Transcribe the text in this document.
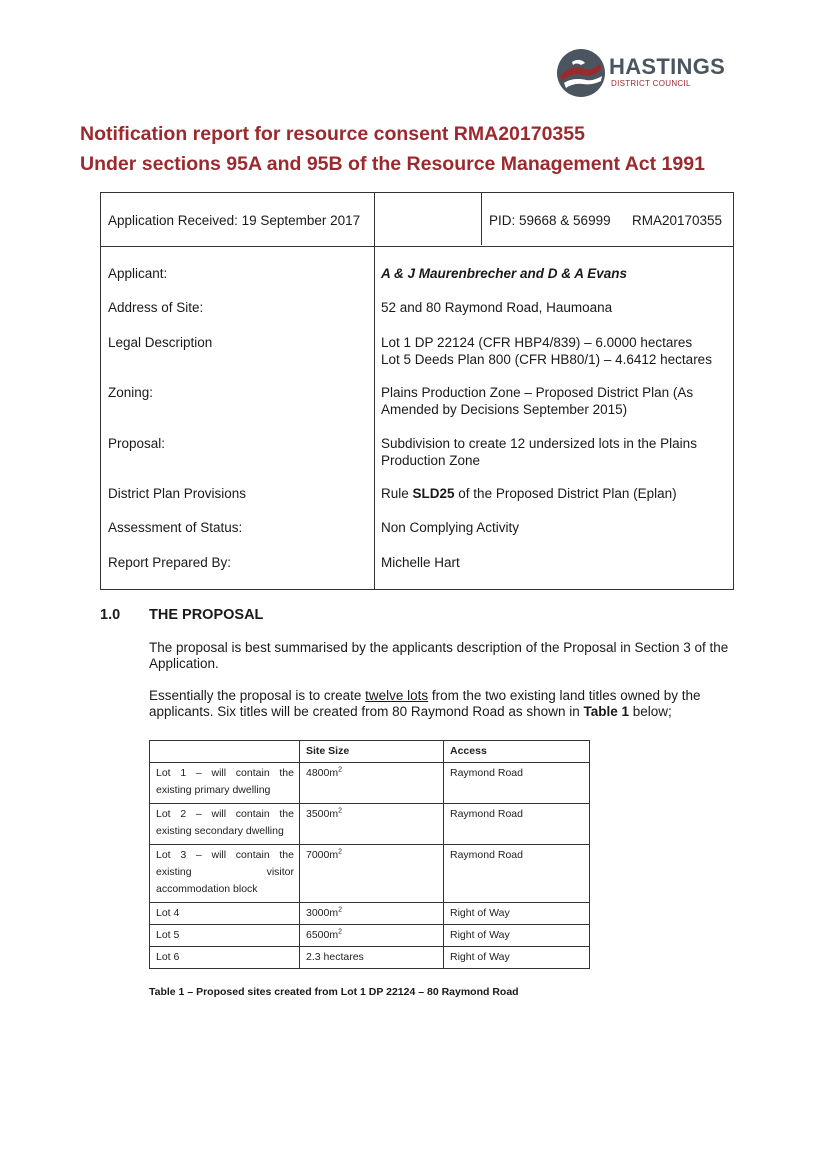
HASTINGS
DISTRICT COUNCIL
Notification report for resource consent RMA20170355
Under sections 95A and 95B of the Resource Management Act 1991
Application Received: 19 September 2017	PID: 59668 & 56999 RMA20170355
Applicant:	A & J Maurenbrecher and D & A Evans
Address of Site:	52 and 80 Raymond Road, Haumoana
Legal Description	Lot 1 DP 22124 (CFR HBP4/839) – 6.0000 hectares
Lot 5 Deeds Plan 800 (CFR HB80/1) – 4.6412 hectares
Zoning:	Plains Production Zone – Proposed District Plan (As
Amended by Decisions September 2015)
Proposal:	Subdivision to create 12 undersized lots in the Plains
Production Zone
District Plan Provisions	Rule SLD25 of the Proposed District Plan (Eplan)
Assessment of Status:	Non Complying Activity
Report Prepared By:	Michelle Hart
1.0 THE PROPOSAL
The proposal is best summarised by the applicants description of the Proposal in Section 3 of the Application.
Essentially the proposal is to create twelve lots from the two existing land titles owned by the applicants. Six titles will be created from 80 Raymond Road as shown in Table 1 below;
	Site Size	Access

Lot 1 – will contain the
existing primary dwelling	$4800m^2$	Raymond Road

Lot 2 – will contain the
existing secondary dwelling	$3500m^2$	Raymond Road

Lot 3 – will contain the
existing visitor
accommodation block	$7000m^2$	Raymond Road
Lot 4	$3000m^2$	Right of Way
Lot 5	$6500m^2$	Right of Way
Lot 6	2.3 hectares	Right of Way
Table 1 – Proposed sites created from Lot 1 DP 22124 – 80 Raymond Road
